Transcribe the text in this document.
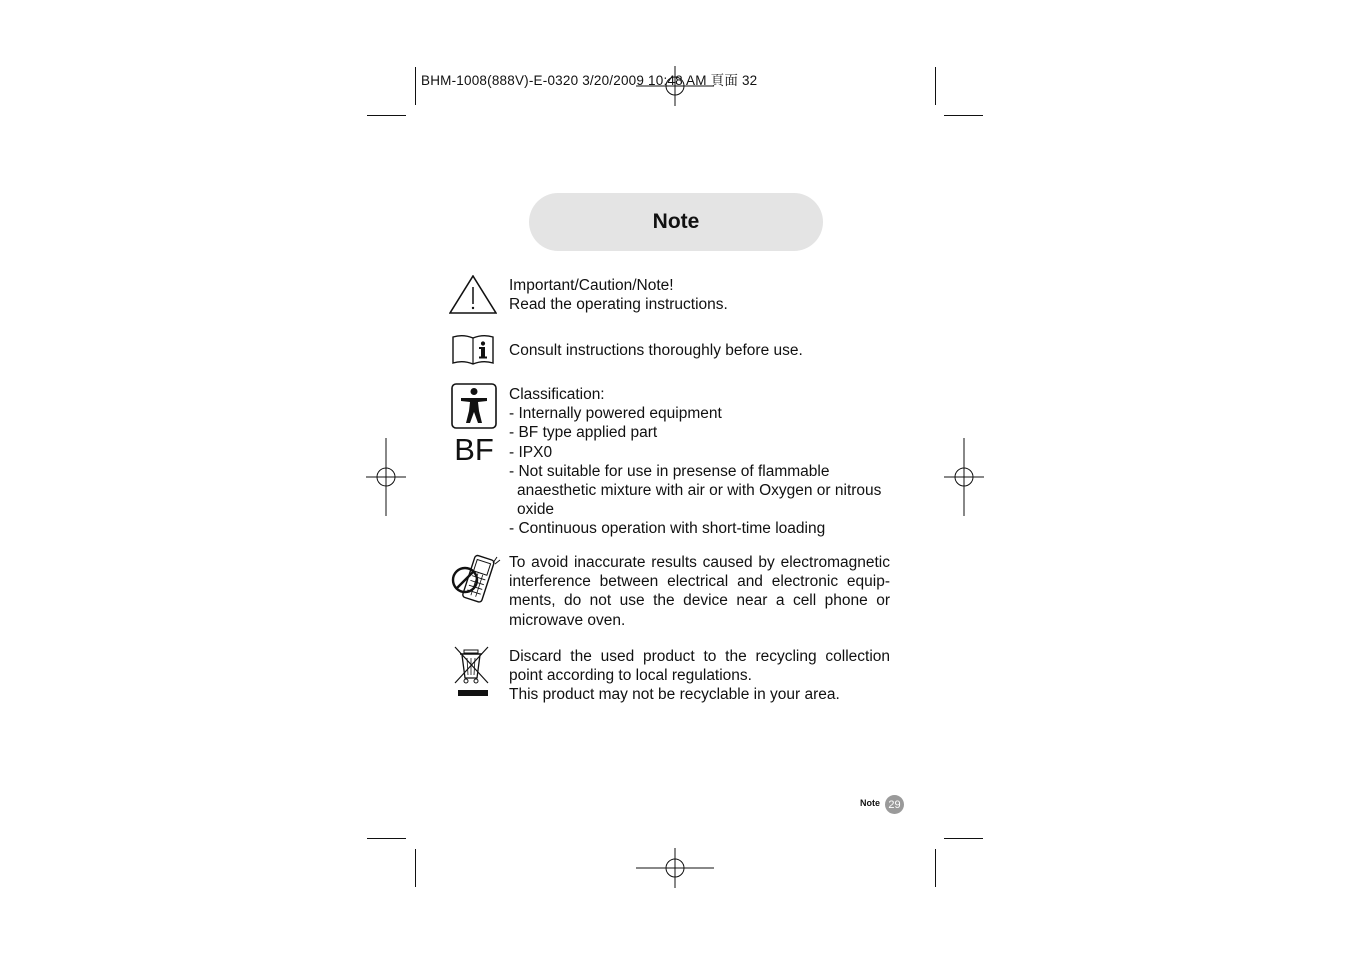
BHM-1008(888V)-E-0320 3/20/2009 10:48 AM 頁面 32
Note

Important/Caution/Note!

Read the operating instructions.

Consult instructions thoroughly before use.

BF

Classification:

- Internally powered equipment

- BF type applied part

- IPX0

- Not suitable for use in presense of flammable

anaesthetic mixture with air or with Oxygen or nitrous

oxide

- Continuous operation with short-time loading

To avoid inaccurate results caused by electromagnetic interference between electrical and electronic equip-ments, do not use the device near a cell phone or microwave oven.

Discard the used product to the recycling collection point according to local regulations.

This product may not be recyclable in your area.

Note 29
